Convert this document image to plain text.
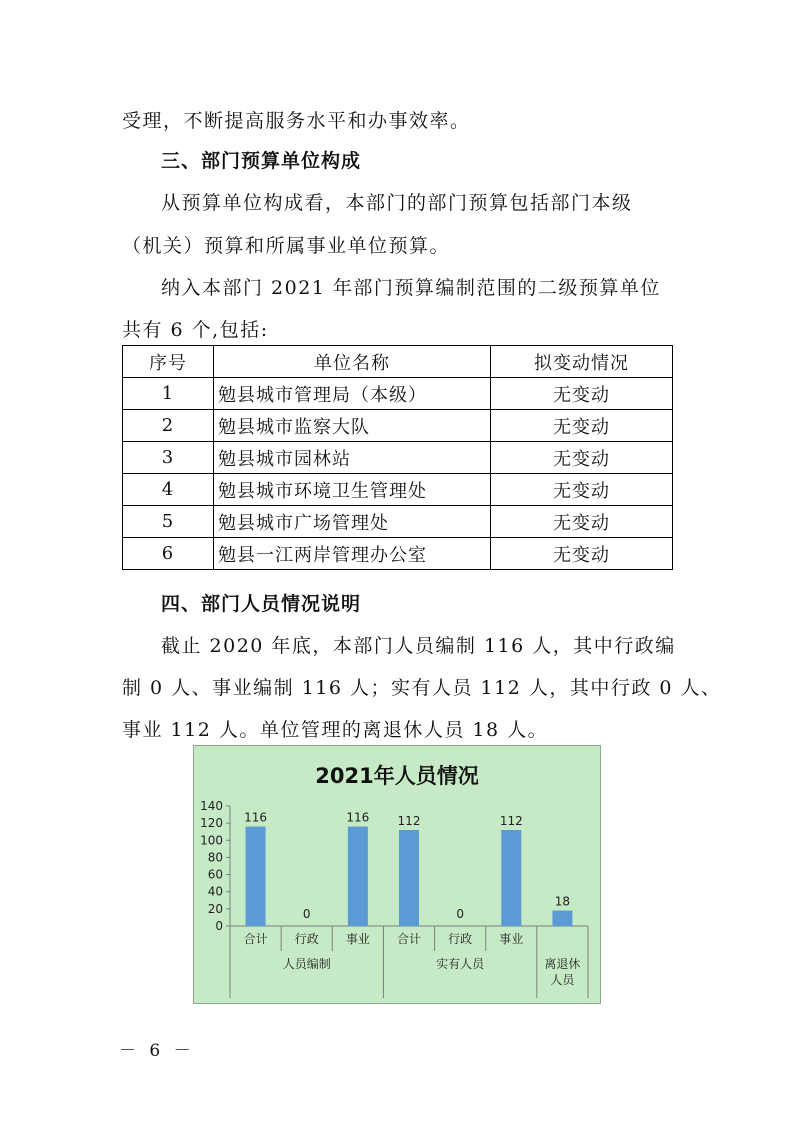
受理，不断提高服务水平和办事效率。
三、部门预算单位构成
从预算单位构成看，本部门的部门预算包括部门本级
（机关）预算和所属事业单位预算。
纳入本部门 2021 年部门预算编制范围的二级预算单位
共有 6 个,包括:
序号	单位名称	拟变动情况
1	勉县城市管理局（本级）	无变动
2	勉县城市监察大队	无变动
3	勉县城市园林站	无变动
4	勉县城市环境卫生管理处	无变动
5	勉县城市广场管理处	无变动
6	勉县一江两岸管理办公室	无变动
四、部门人员情况说明
截止 2020 年底，本部门人员编制 116 人，其中行政编
制 0 人、事业编制 116 人；实有人员 112 人，其中行政 0 人、
事业 112 人。单位管理的离退休人员 18 人。
2021年人员情况
0
20
40
60
80
100
120
140
116
合计
0
行政
116
事业
112
合计
0
行政
112
事业
18
人员编制	实有人员	离退休
人员
－ 6 －
